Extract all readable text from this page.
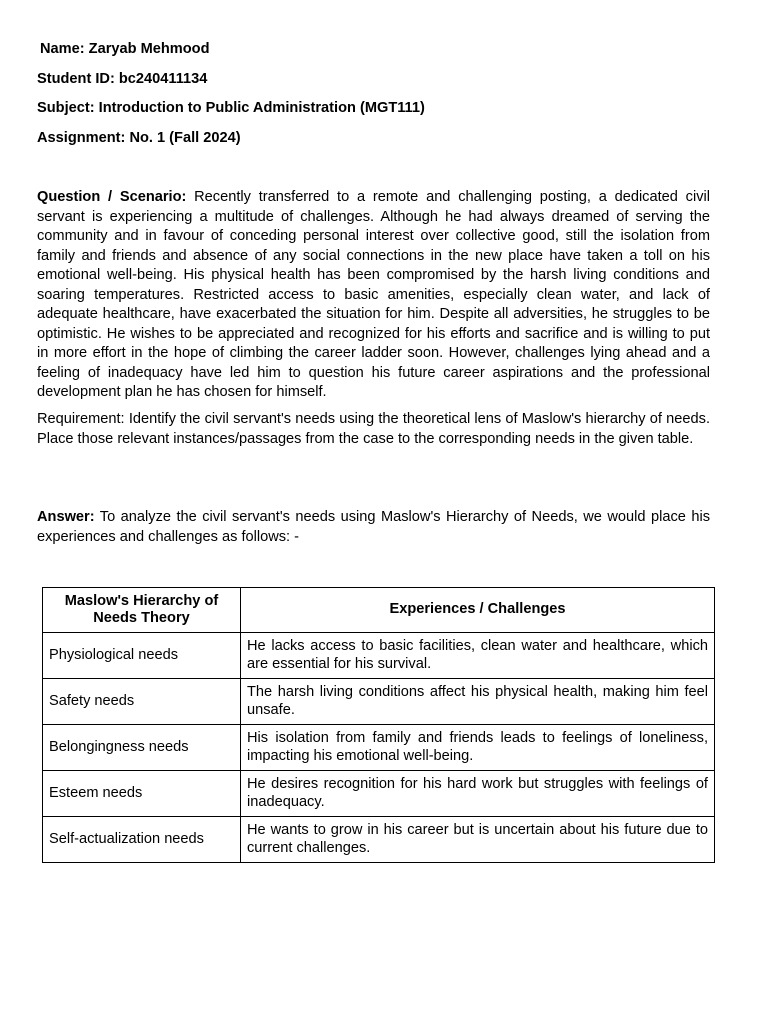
Name: Zaryab Mehmood
Student ID: bc240411134
Subject: Introduction to Public Administration (MGT111)
Assignment: No. 1 (Fall 2024)
Question / Scenario: Recently transferred to a remote and challenging posting, a dedicated civil servant is experiencing a multitude of challenges. Although he had always dreamed of serving the community and in favour of conceding personal interest over collective good, still the isolation from family and friends and absence of any social connections in the new place have taken a toll on his emotional well-being. His physical health has been compromised by the harsh living conditions and soaring temperatures. Restricted access to basic amenities, especially clean water, and lack of adequate healthcare, have exacerbated the situation for him. Despite all adversities, he struggles to be optimistic. He wishes to be appreciated and recognized for his efforts and sacrifice and is willing to put in more effort in the hope of climbing the career ladder soon. However, challenges lying ahead and a feeling of inadequacy have led him to question his future career aspirations and the professional development plan he has chosen for himself.
Requirement: Identify the civil servant's needs using the theoretical lens of Maslow's hierarchy of needs. Place those relevant instances/passages from the case to the corresponding needs in the given table.
Answer: To analyze the civil servant's needs using Maslow's Hierarchy of Needs, we would place his experiences and challenges as follows: -
Maslow's Hierarchy of Needs Theory	Experiences / Challenges
Physiological needs	He lacks access to basic facilities, clean water and healthcare, which are essential for his survival.
Safety needs	The harsh living conditions affect his physical health, making him feel unsafe.
Belongingness needs	His isolation from family and friends leads to feelings of loneliness, impacting his emotional well-being.
Esteem needs	He desires recognition for his hard work but struggles with feelings of inadequacy.
Self-actualization needs	He wants to grow in his career but is uncertain about his future due to current challenges.
